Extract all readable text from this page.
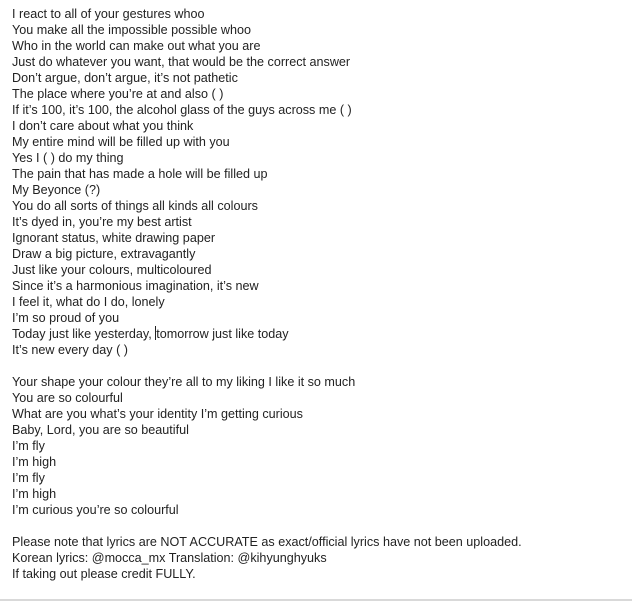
I react to all of your gestures whoo
You make all the impossible possible whoo
Who in the world can make out what you are
Just do whatever you want, that would be the correct answer
Don’t argue, don’t argue, it’s not pathetic
The place where you’re at and also ( )
If it’s 100, it’s 100, the alcohol glass of the guys across me ( )
I don’t care about what you think
My entire mind will be filled up with you
Yes I ( ) do my thing
The pain that has made a hole will be filled up
My Beyonce (?)
You do all sorts of things all kinds all colours
It’s dyed in, you’re my best artist
Ignorant status, white drawing paper
Draw a big picture, extravagantly
Just like your colours, multicoloured
Since it’s a harmonious imagination, it’s new
I feel it, what do I do, lonely
I’m so proud of you
Today just like yesterday, tomorrow just like today
It’s new every day ( )
Your shape your colour they’re all to my liking I like it so much
You are so colourful
What are you what’s your identity I’m getting curious
Baby, Lord, you are so beautiful
I’m fly
I’m high
I’m fly
I’m high
I’m curious you’re so colourful
Please note that lyrics are NOT ACCURATE as exact/official lyrics have not been uploaded.
Korean lyrics: @mocca_mx Translation: @kihyunghyuks
If taking out please credit FULLY.
